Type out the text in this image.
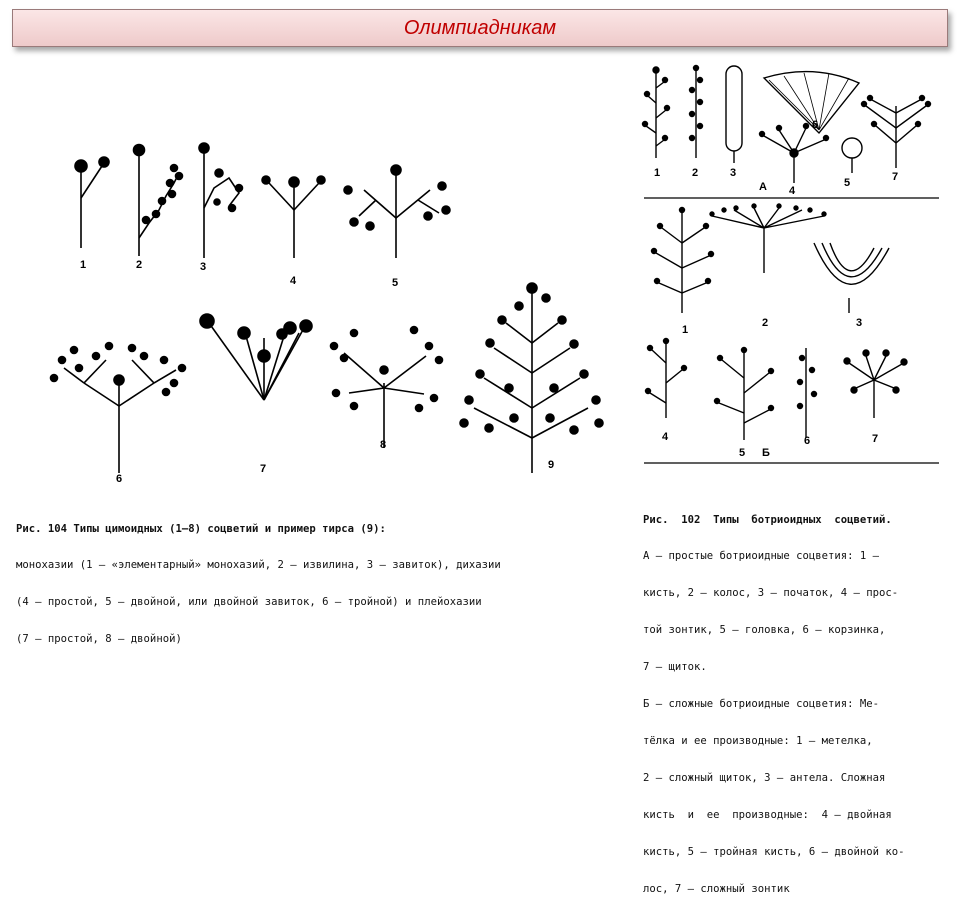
Олимпиадникам
1	2	3
4	5
6
7
8
9

Рис. 104 Типы цимоидных (1—8) соцветий и пример тирса (9):

монохазии (1 — «элементарный» монохазий, 2 — извилина, 3 — завиток), дихазии

(4 — простой, 5 — двойной, или двойной завиток, 6 — тройной) и плейохазии

(7 — простой, 8 — двойной)

1	2	3
6
4
5	7
А
1
2	3
4
5
6	7
Б

Рис.  102  Типы  ботриоидных  соцветий.

А — простые ботриоидные соцветия: 1 —

кисть, 2 — колос, 3 — початок, 4 — прос-

той зонтик, 5 — головка, 6 — корзинка,

7 — щиток.

Б — сложные ботриоидные соцветия: Ме-

тёлка и ее производные: 1 — метелка,

2 — сложный щиток, 3 — антела. Сложная

кисть  и  ее  производные:  4 — двойная

кисть, 5 — тройная кисть, 6 — двойной ко-

лос, 7 — сложный зонтик
